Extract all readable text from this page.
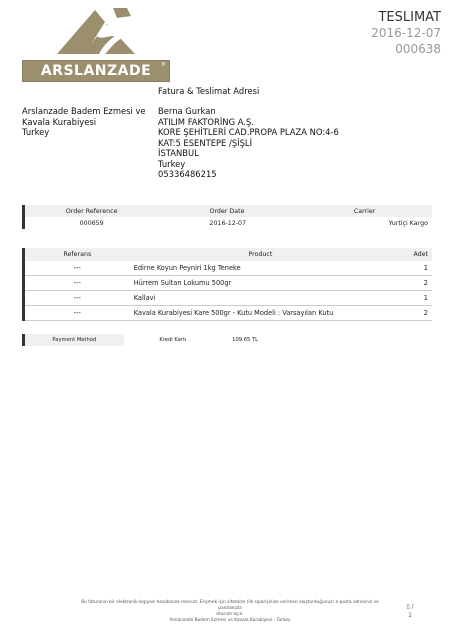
ARSLANZADE	®
TESLIMAT
2016-12-07
000638
Fatura & Teslimat Adresi
Arslanzade Badem Ezmesi ve
Kavala Kurabiyesi
Turkey
Berna Gurkan
ATILIM FAKTORİNG A.Ş.
KORE ŞEHİTLERİ CAD.PROPA PLAZA NO:4-6
KAT:5 ESENTEPE /ŞİŞLİ
İSTANBUL
Turkey
05336486215
Order Reference	Order Date	Carrier
000659	2016-12-07	Yurtiçi Kargo
Referans	Product	Adet
---	Edirne Koyun Peyniri 1kg Teneke	1
---	Hürrem Sultan Lokumu 500gr	2
---	Kallavi	1
---	Kavala Kurabiyesi Kare 500gr - Kutu Modeli : Varsayılan Kutu	2
Payment Method	Kredi Kartı	109.65 TL
Bu faturanın bir elektronik kopyası hesabınıza mevcut. Erişmek için sitemize (ilk siparişinize verirken oluşturduğunuz) e-posta adresiniz ve parolanızla
oturum açın.
Arslanzade Badem Ezmesi ve Kavala Kurabiyesi - Turkey
▯ /
1
